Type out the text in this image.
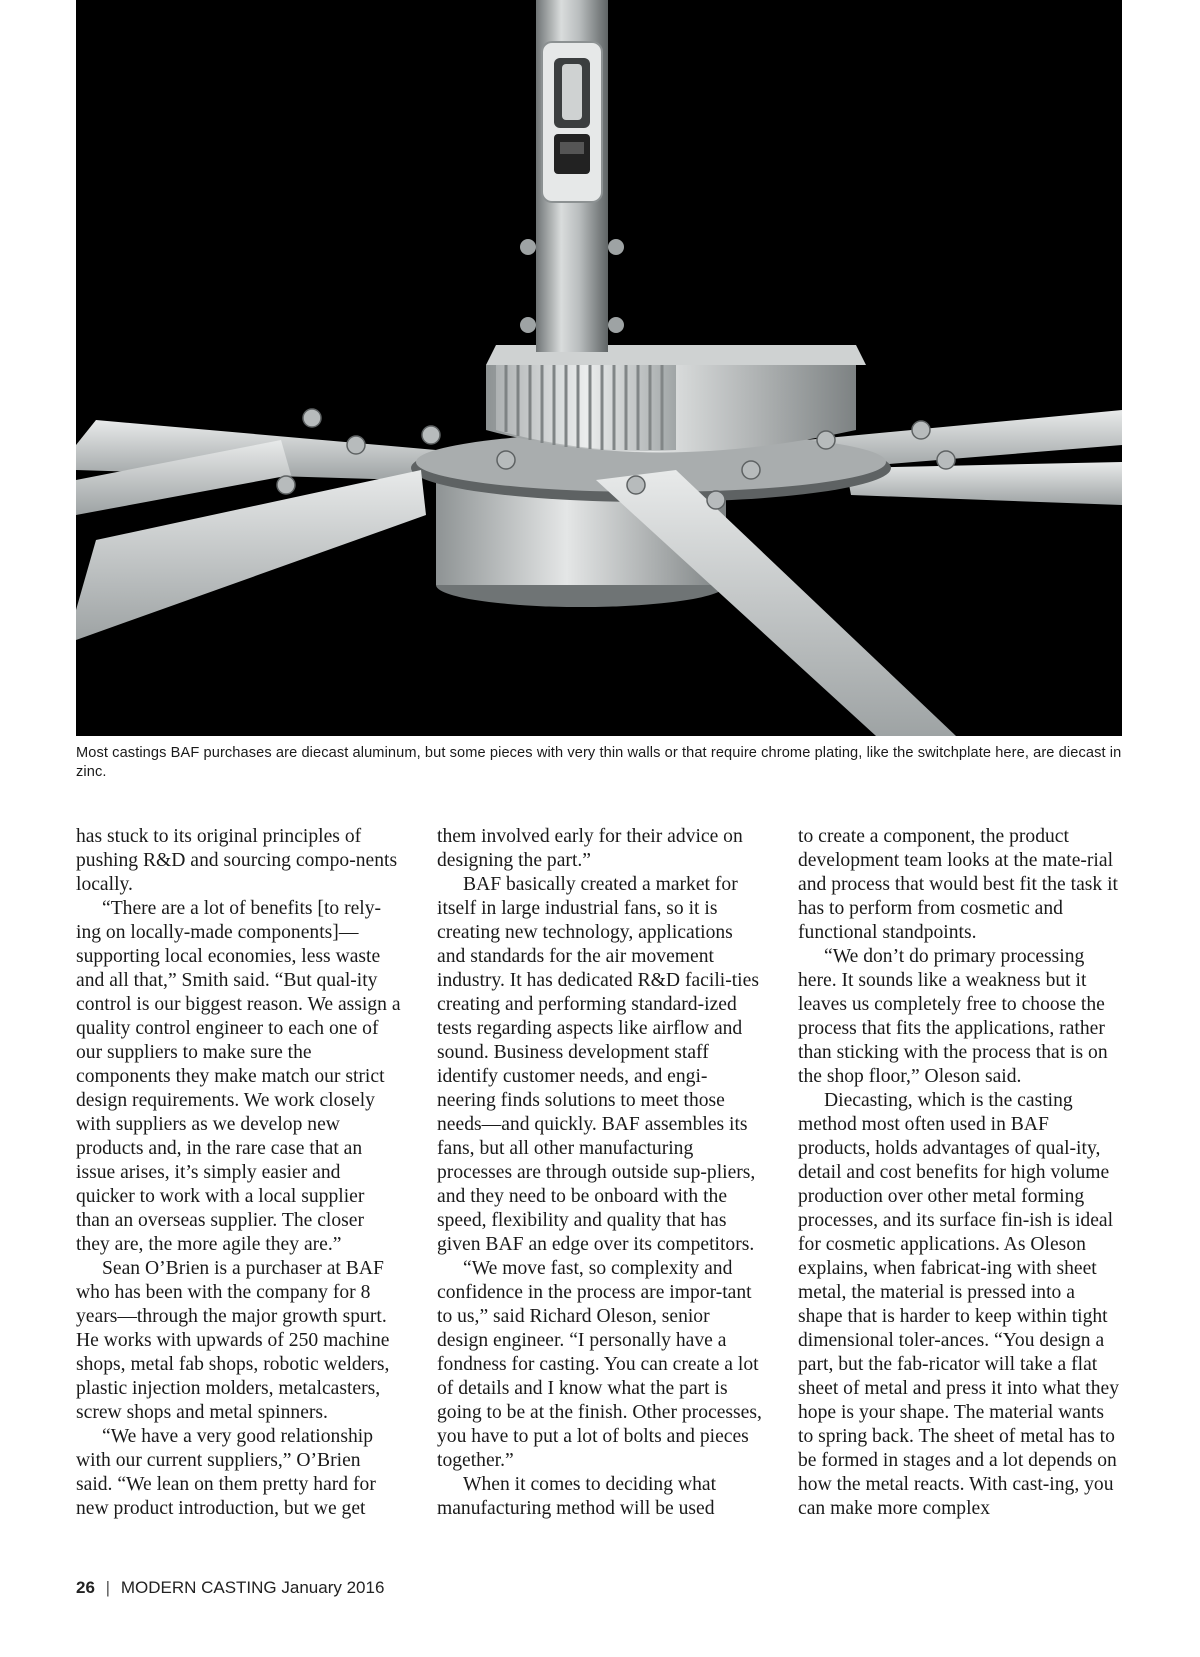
Most castings BAF purchases are diecast aluminum, but some pieces with very thin walls or that require chrome plating, like the switchplate here, are diecast in zinc.

has stuck to its original principles of pushing R&D and sourcing compo-nents locally.

“There are a lot of benefits [to rely-ing on locally-made components]—supporting local economies, less waste and all that,” Smith said. “But qual-ity control is our biggest reason. We assign a quality control engineer to each one of our suppliers to make sure the components they make match our strict design requirements. We work closely with suppliers as we develop new products and, in the rare case that an issue arises, it’s simply easier and quicker to work with a local supplier than an overseas supplier. The closer they are, the more agile they are.”

Sean O’Brien is a purchaser at BAF who has been with the company for 8 years—through the major growth spurt. He works with upwards of 250 machine shops, metal fab shops, robotic welders, plastic injection molders, metalcasters, screw shops and metal spinners.

“We have a very good relationship with our current suppliers,” O’Brien said. “We lean on them pretty hard for new product introduction, but we get

them involved early for their advice on designing the part.”

BAF basically created a market for itself in large industrial fans, so it is creating new technology, applications and standards for the air movement industry. It has dedicated R&D facili-ties creating and performing standard-ized tests regarding aspects like airflow and sound. Business development staff identify customer needs, and engi-neering finds solutions to meet those needs—and quickly. BAF assembles its fans, but all other manufacturing processes are through outside sup-pliers, and they need to be onboard with the speed, flexibility and quality that has given BAF an edge over its competitors.

“We move fast, so complexity and confidence in the process are impor-tant to us,” said Richard Oleson, senior design engineer. “I personally have a fondness for casting. You can create a lot of details and I know what the part is going to be at the finish. Other processes, you have to put a lot of bolts and pieces together.”

When it comes to deciding what manufacturing method will be used

to create a component, the product development team looks at the mate-rial and process that would best fit the task it has to perform from cosmetic and functional standpoints.

“We don’t do primary processing here. It sounds like a weakness but it leaves us completely free to choose the process that fits the applications, rather than sticking with the process that is on the shop floor,” Oleson said.

Diecasting, which is the casting method most often used in BAF products, holds advantages of qual-ity, detail and cost benefits for high volume production over other metal forming processes, and its surface fin-ish is ideal for cosmetic applications. As Oleson explains, when fabricat-ing with sheet metal, the material is pressed into a shape that is harder to keep within tight dimensional toler-ances. “You design a part, but the fab-ricator will take a flat sheet of metal and press it into what they hope is your shape. The material wants to spring back. The sheet of metal has to be formed in stages and a lot depends on how the metal reacts. With cast-ing, you can make more complex

26 | MODERN CASTING January 2016
